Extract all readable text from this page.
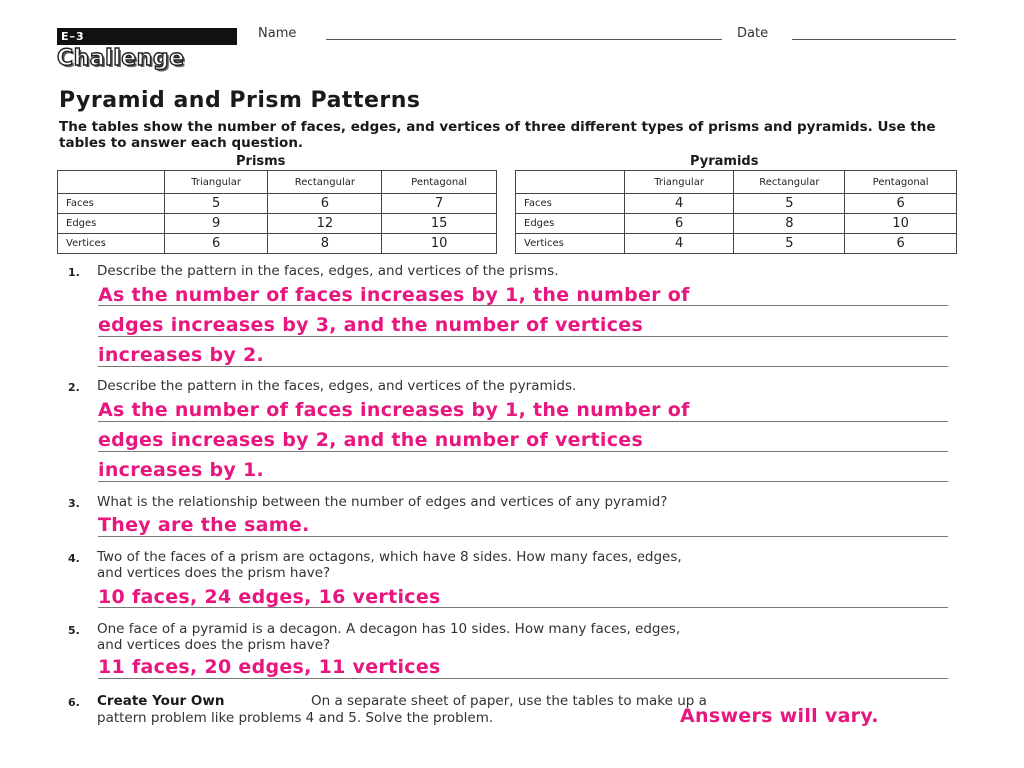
E–3
Challenge
Name	Date
Pyramid and Prism Patterns
The tables show the number of faces, edges, and vertices of three different types of prisms and pyramids. Use the tables to answer each question.
Prisms
	Triangular	Rectangular	Pentagonal
Faces	5	6	7
Edges	9	12	15
Vertices	6	8	10
Pyramids
	Triangular	Rectangular	Pentagonal
Faces	4	5	6
Edges	6	8	10
Vertices	4	5	6
1. Describe the pattern in the faces, edges, and vertices of the prisms.
As the number of faces increases by 1, the number of
edges increases by 3, and the number of vertices
increases by 2.
2. Describe the pattern in the faces, edges, and vertices of the pyramids.
As the number of faces increases by 1, the number of
edges increases by 2, and the number of vertices
increases by 1.
3. What is the relationship between the number of edges and vertices of any pyramid?
They are the same.
4. Two of the faces of a prism are octagons, which have 8 sides. How many faces, edges,
and vertices does the prism have?
10 faces, 24 edges, 16 vertices
5. One face of a pyramid is a decagon. A decagon has 10 sides. How many faces, edges,
and vertices does the prism have?
11 faces, 20 edges, 11 vertices
6. Create Your Own	On a separate sheet of paper, use the tables to make up a
pattern problem like problems 4 and 5. Solve the problem.	Answers will vary.
